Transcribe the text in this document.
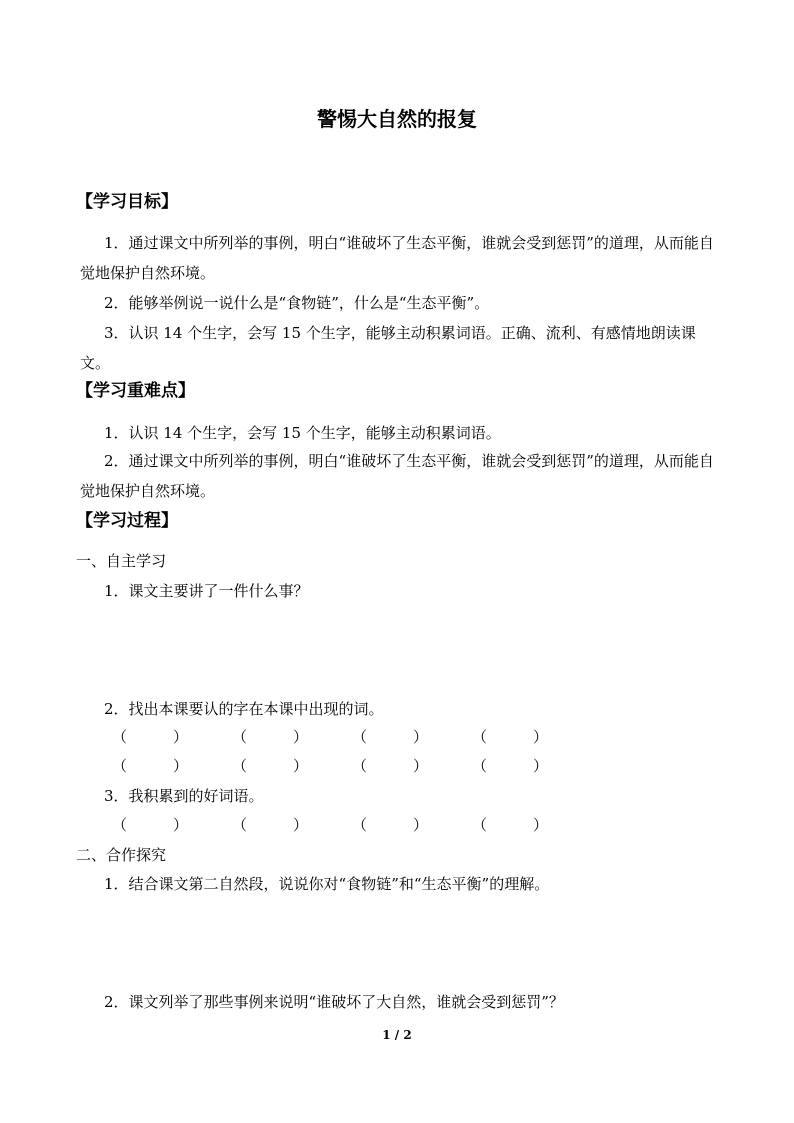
警惕大自然的报复
【学习目标】
1．通过课文中所列举的事例，明白“谁破坏了生态平衡，谁就会受到惩罚”的道理，从而能自觉地保护自然环境。
2．能够举例说一说什么是“食物链”，什么是“生态平衡”。
3．认识 14 个生字，会写 15 个生字，能够主动积累词语。正确、流利、有感情地朗读课文。
【学习重难点】
1．认识 14 个生字，会写 15 个生字，能够主动积累词语。
2．通过课文中所列举的事例，明白“谁破坏了生态平衡，谁就会受到惩罚”的道理，从而能自觉地保护自然环境。
【学习过程】
一、自主学习
1．课文主要讲了一件什么事？
2．找出本课要认的字在本课中出现的词。
（	）	（	）	（	）	（	）
（	）	（	）	（	）	（	）
3．我积累到的好词语。
（	）	（	）	（	）	（	）
二、合作探究
1．结合课文第二自然段，说说你对“食物链”和“生态平衡”的理解。
2．课文列举了那些事例来说明“谁破坏了大自然，谁就会受到惩罚”？
1 / 2
